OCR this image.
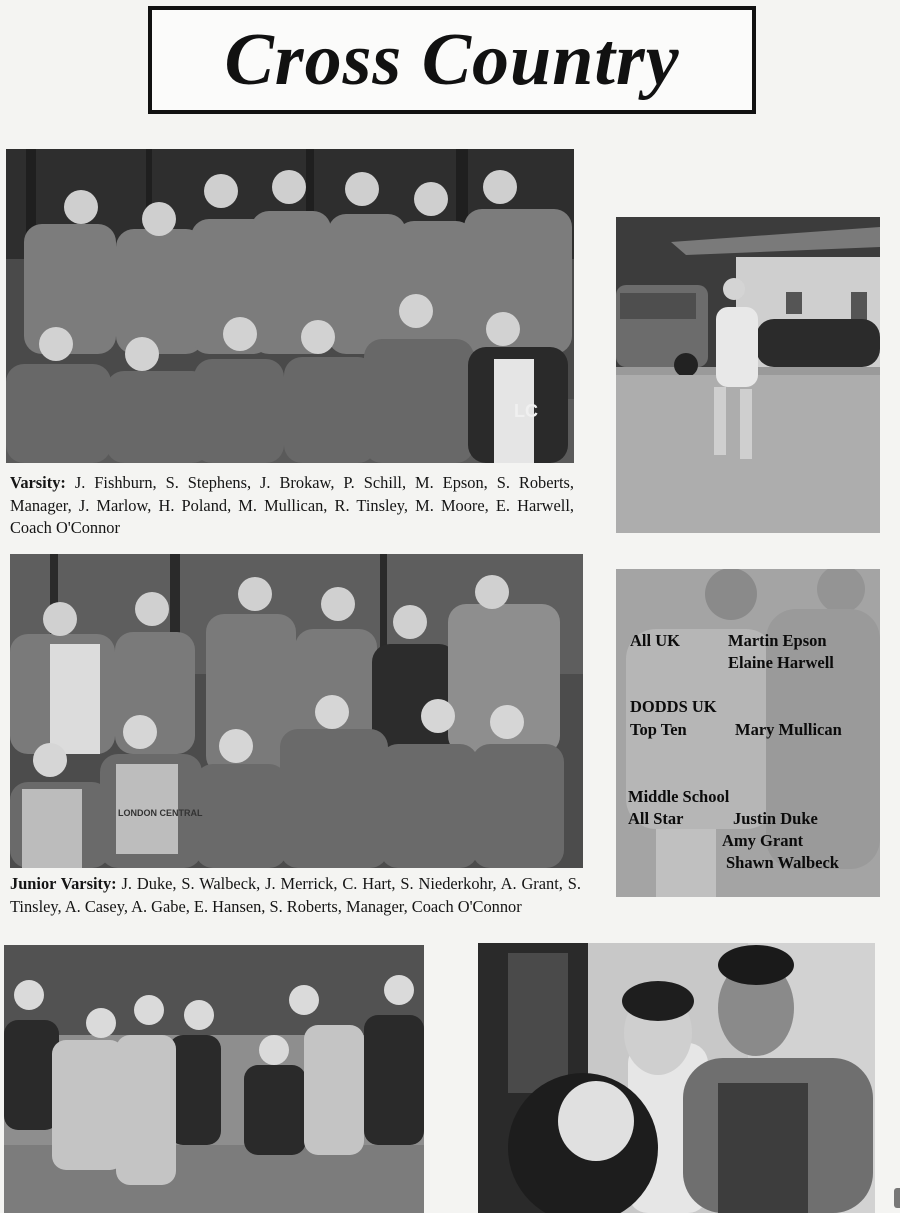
Cross Country
LC
Varsity: J. Fishburn, S. Stephens, J. Brokaw, P. Schill, M. Epson, S. Roberts, Manager, J. Marlow, H. Poland, M. Mullican, R. Tinsley, M. Moore, E. Harwell, Coach O'Connor
LONDON CENTRAL
All UK	Martin Epson
Elaine Harwell
DODDS UK
Top Ten	Mary Mullican
Middle School
All Star	Justin Duke
Amy Grant
Shawn Walbeck
Junior Varsity: J. Duke, S. Walbeck, J. Merrick, C. Hart, S. Niederkohr, A. Grant, S. Tinsley, A. Casey, A. Gabe, E. Hansen, S. Roberts, Manager, Coach O'Connor
